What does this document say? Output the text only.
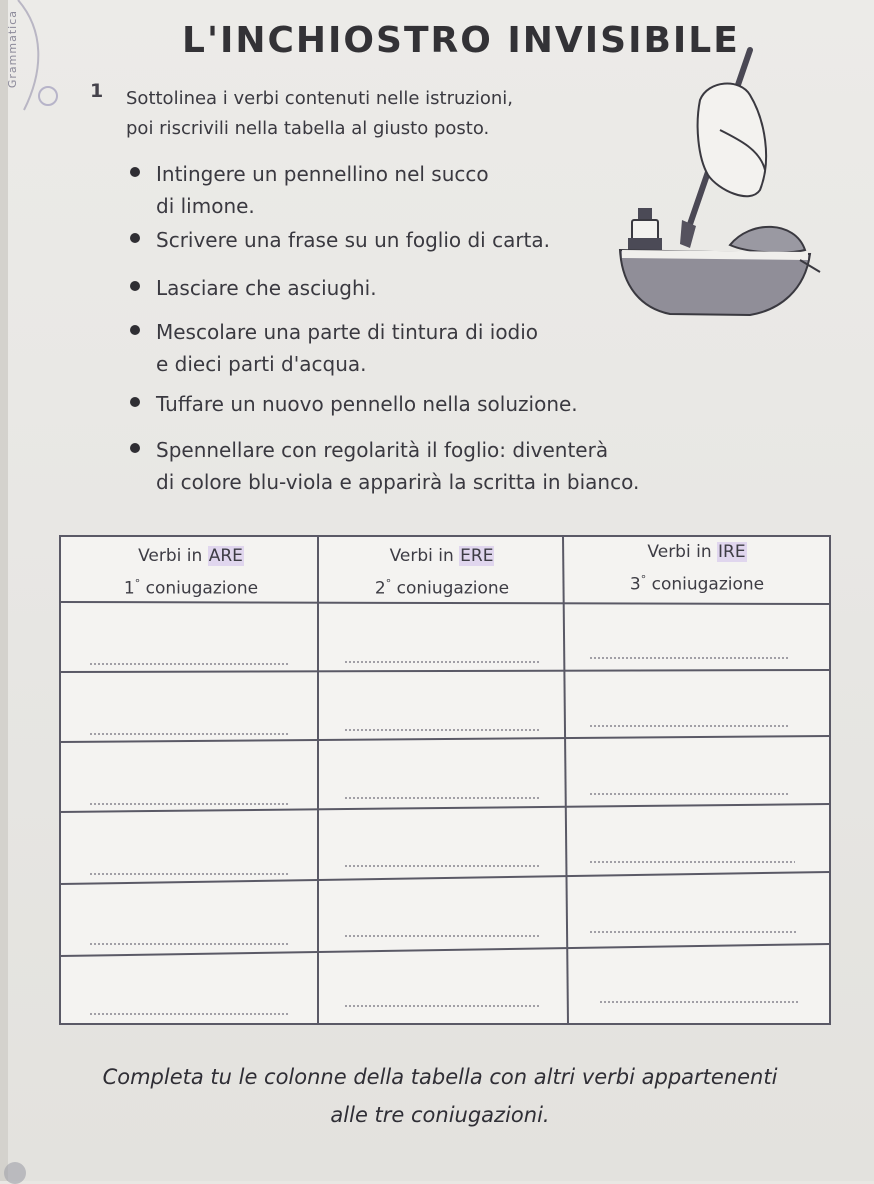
Grammatica	L'INCHIOSTRO INVISIBILE
1	Sottolinea i verbi contenuti nelle istruzioni,
poi riscrivili nella tabella al giusto posto.
Intingere un pennellino nel succo
di limone.
Scrivere una frase su un foglio di carta.
Lasciare che asciughi.
Mescolare una parte di tintura di iodio
e dieci parti d'acqua.
Tuffare un nuovo pennello nella soluzione.
Spennellare con regolarità il foglio: diventerà
di colore blu-viola e apparirà la scritta in bianco.
Verbi in ARE
1° coniugazione
Verbi in ERE
2° coniugazione
Verbi in IRE
3° coniugazione
Completa tu le colonne della tabella con altri verbi appartenenti
alle tre coniugazioni.
